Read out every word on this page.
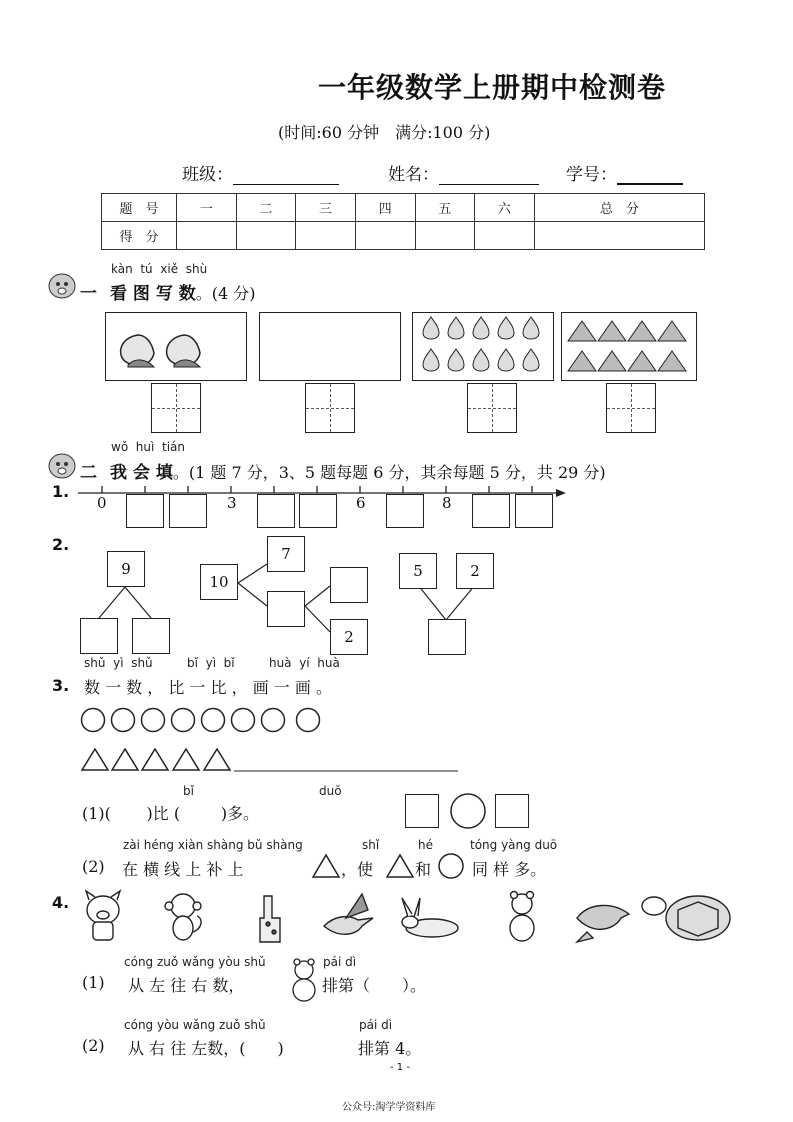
一年级数学上册期中检测卷
(时间:60 分钟　满分:100 分)
班级：	姓名：	学号：
题　号	一	二	三	四	五	六	总　分
得　分							
一
kàn tú xiě shù
看 图 写 数。(4 分)
二
wǒ huì tián
我 会 填。(1 题 7 分，3、5 题每题 6 分，其余每题 5 分，共 29 分)
1.
0	3	6	8
2.
9
10
7
2
5	2
shǔ yì shǔ	bǐ yì bǐ	huà yí huà
3. 数 一 数 ， 比 一 比 ， 画 一 画 。
bǐ	duō
(1)( )比 (	)多。
zài héng xiàn shàng bǔ shàng	shǐ	hé	tóng yàng duō
(2) 在 横 线 上 补 上	，使	和	同 样 多。
4.
cóng zuǒ wǎng yòu shǔ	pái dì
(1) 从 左 往 右 数，	排第（　　）。
cóng yòu wǎng zuǒ shǔ	pái dì
(2) 从 右 往 左数，(　　)	排第 4。
- 1 -
公众号:淘学学资料库
